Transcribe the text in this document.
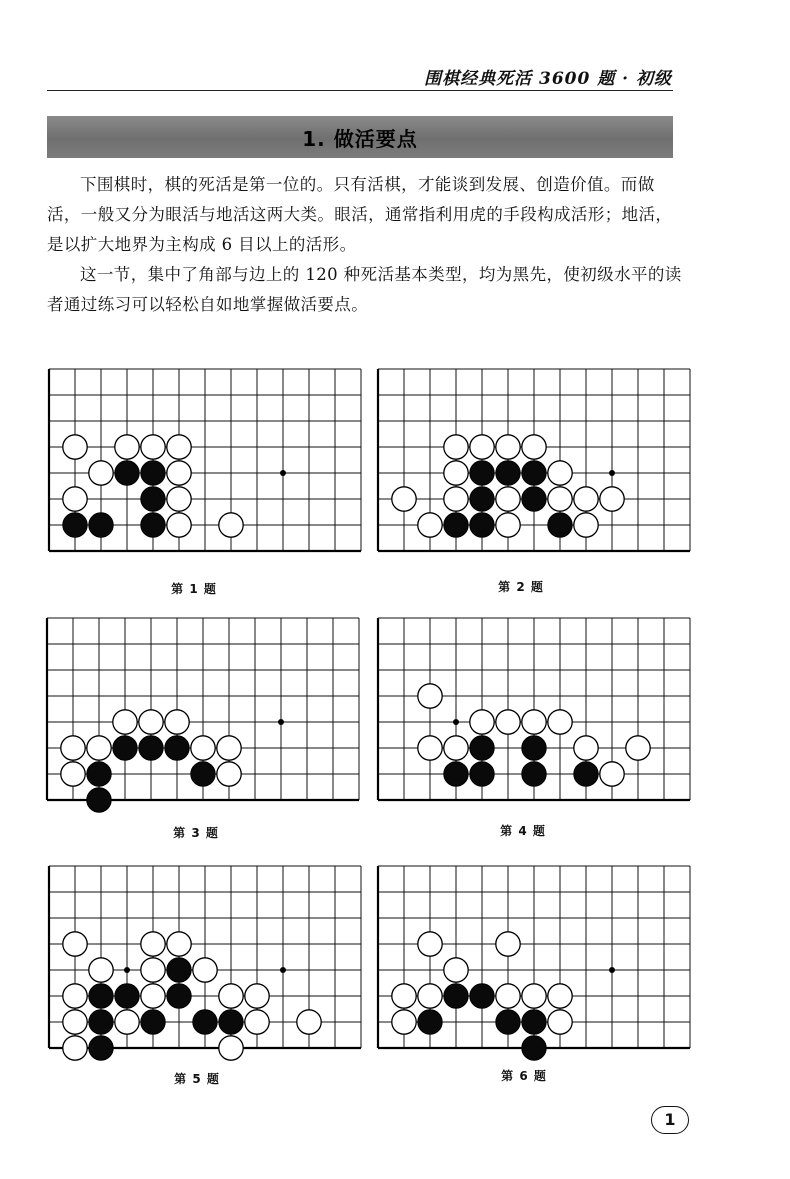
围棋经典死活 3600 题 · 初级
1. 做活要点

下围棋时，棋的死活是第一位的。只有活棋，才能谈到发展、创造价值。而做活，一般又分为眼活与地活这两大类。眼活，通常指利用虎的手段构成活形；地活，是以扩大地界为主构成 6 目以上的活形。

这一节，集中了角部与边上的 120 种死活基本类型，均为黑先，使初级水平的读者通过练习可以轻松自如地掌握做活要点。

第 1 题	第 2 题
第 3 题	第 4 题
第 5 题	第 6 题
1
